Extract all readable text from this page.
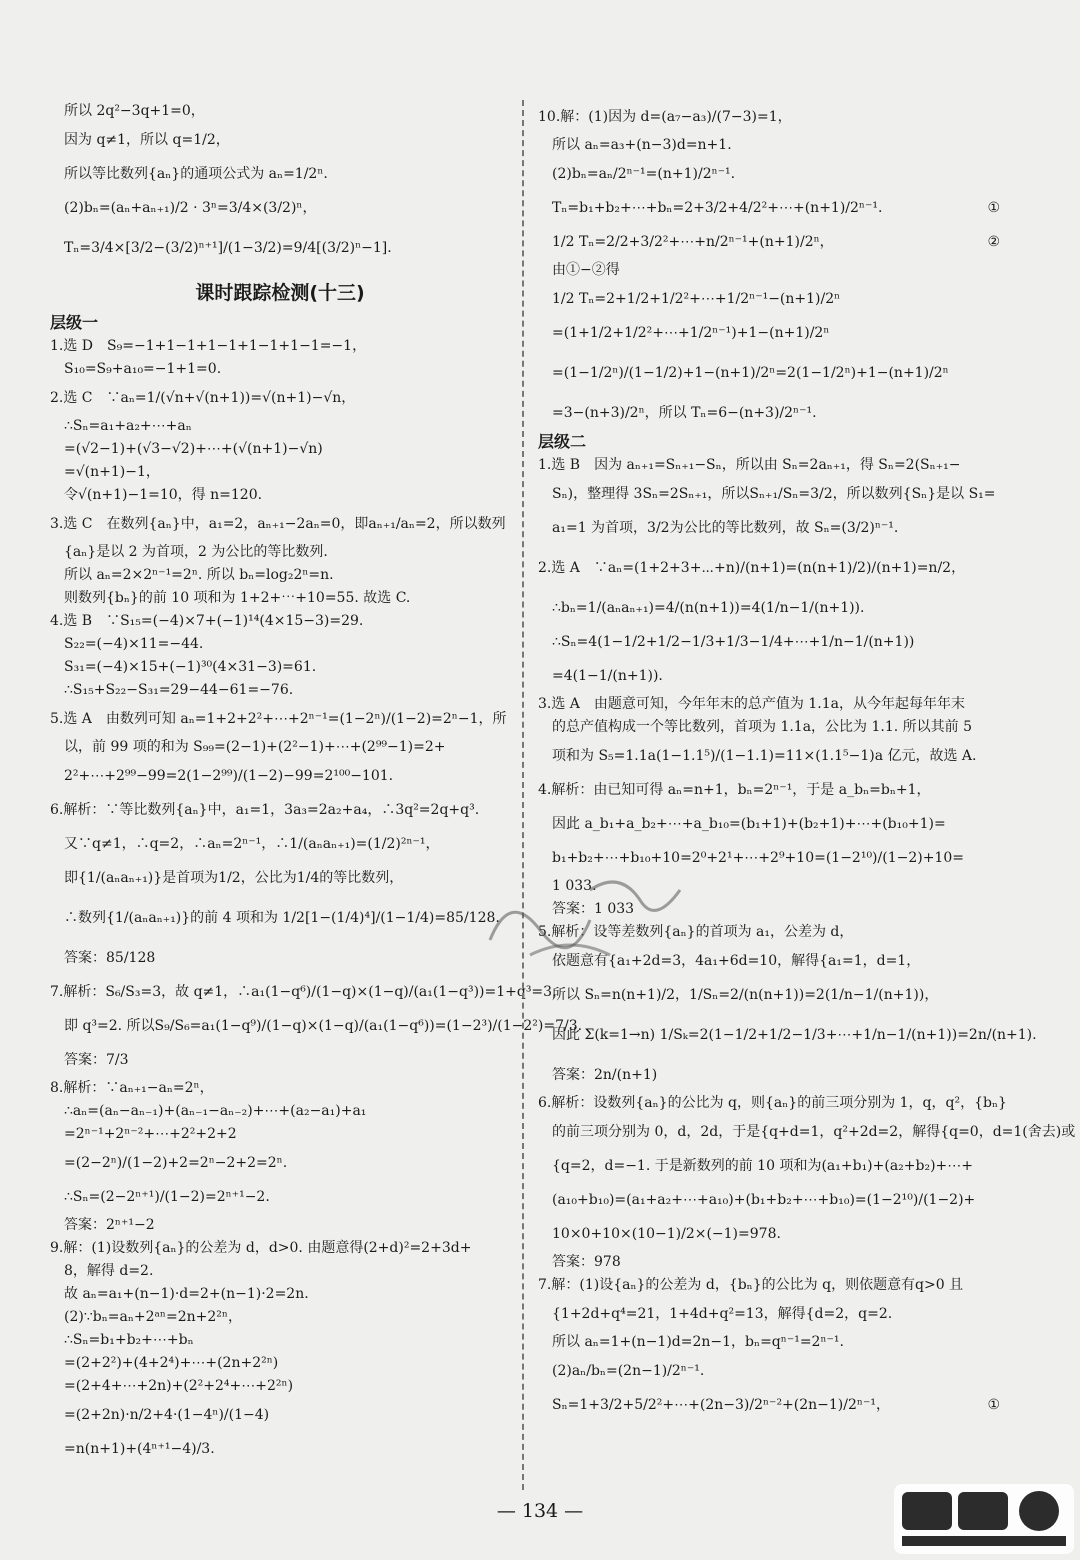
所以 2q²−3q+1=0，
因为 q≠1，所以 q=1/2，
所以等比数列{aₙ}的通项公式为 aₙ=1/2ⁿ.
(2)bₙ=(aₙ+aₙ₊₁)/2 · 3ⁿ=3/4×(3/2)ⁿ，
Tₙ=3/4×[3/2−(3/2)ⁿ⁺¹]/(1−3/2)=9/4[(3/2)ⁿ−1].
课时跟踪检测(十三)
层级一
1.选 D　S₉=−1+1−1+1−1+1−1+1−1=−1，
S₁₀=S₉+a₁₀=−1+1=0.
2.选 C　∵aₙ=1/(√n+√(n+1))=√(n+1)−√n，
∴Sₙ=a₁+a₂+⋯+aₙ
=(√2−1)+(√3−√2)+⋯+(√(n+1)−√n)
=√(n+1)−1，
令√(n+1)−1=10，得 n=120.
3.选 C　在数列{aₙ}中，a₁=2，aₙ₊₁−2aₙ=0，即aₙ₊₁/aₙ=2，所以数列
{aₙ}是以 2 为首项，2 为公比的等比数列.
所以 aₙ=2×2ⁿ⁻¹=2ⁿ. 所以 bₙ=log₂2ⁿ=n.
则数列{bₙ}的前 10 项和为 1+2+⋯+10=55. 故选 C.
4.选 B　∵S₁₅=(−4)×7+(−1)¹⁴(4×15−3)=29.
S₂₂=(−4)×11=−44.
S₃₁=(−4)×15+(−1)³⁰(4×31−3)=61.
∴S₁₅+S₂₂−S₃₁=29−44−61=−76.
5.选 A　由数列可知 aₙ=1+2+2²+⋯+2ⁿ⁻¹=(1−2ⁿ)/(1−2)=2ⁿ−1，所
以，前 99 项的和为 S₉₉=(2−1)+(2²−1)+⋯+(2⁹⁹−1)=2+
2²+⋯+2⁹⁹−99=2(1−2⁹⁹)/(1−2)−99=2¹⁰⁰−101.
6.解析：∵等比数列{aₙ}中，a₁=1，3a₃=2a₂+a₄，∴3q²=2q+q³.
又∵q≠1，∴q=2，∴aₙ=2ⁿ⁻¹，∴1/(aₙaₙ₊₁)=(1/2)²ⁿ⁻¹，
即{1/(aₙaₙ₊₁)}是首项为1/2，公比为1/4的等比数列，
∴数列{1/(aₙaₙ₊₁)}的前 4 项和为 1/2[1−(1/4)⁴]/(1−1/4)=85/128.
答案：85/128
7.解析：S₆/S₃=3，故 q≠1，∴a₁(1−q⁶)/(1−q)×(1−q)/(a₁(1−q³))=1+q³=3，
即 q³=2. 所以S₉/S₆=a₁(1−q⁹)/(1−q)×(1−q)/(a₁(1−q⁶))=(1−2³)/(1−2²)=7/3.
答案：7/3
8.解析：∵aₙ₊₁−aₙ=2ⁿ，
∴aₙ=(aₙ−aₙ₋₁)+(aₙ₋₁−aₙ₋₂)+⋯+(a₂−a₁)+a₁
=2ⁿ⁻¹+2ⁿ⁻²+⋯+2²+2+2
=(2−2ⁿ)/(1−2)+2=2ⁿ−2+2=2ⁿ.
∴Sₙ=(2−2ⁿ⁺¹)/(1−2)=2ⁿ⁺¹−2.
答案：2ⁿ⁺¹−2
9.解：(1)设数列{aₙ}的公差为 d，d>0. 由题意得(2+d)²=2+3d+
8，解得 d=2.
故 aₙ=a₁+(n−1)·d=2+(n−1)·2=2n.
(2)∵bₙ=aₙ+2ᵃⁿ=2n+2²ⁿ，
∴Sₙ=b₁+b₂+⋯+bₙ
=(2+2²)+(4+2⁴)+⋯+(2n+2²ⁿ)
=(2+4+⋯+2n)+(2²+2⁴+⋯+2²ⁿ)
=(2+2n)·n/2+4·(1−4ⁿ)/(1−4)
=n(n+1)+(4ⁿ⁺¹−4)/3.
10.解：(1)因为 d=(a₇−a₃)/(7−3)=1，
所以 aₙ=a₃+(n−3)d=n+1.
(2)bₙ=aₙ/2ⁿ⁻¹=(n+1)/2ⁿ⁻¹.
Tₙ=b₁+b₂+⋯+bₙ=2+3/2+4/2²+⋯+(n+1)/2ⁿ⁻¹.	①
1/2 Tₙ=2/2+3/2²+⋯+n/2ⁿ⁻¹+(n+1)/2ⁿ，	②
由①−②得
1/2 Tₙ=2+1/2+1/2²+⋯+1/2ⁿ⁻¹−(n+1)/2ⁿ
=(1+1/2+1/2²+⋯+1/2ⁿ⁻¹)+1−(n+1)/2ⁿ
=(1−1/2ⁿ)/(1−1/2)+1−(n+1)/2ⁿ=2(1−1/2ⁿ)+1−(n+1)/2ⁿ
=3−(n+3)/2ⁿ，所以 Tₙ=6−(n+3)/2ⁿ⁻¹.
层级二
1.选 B　因为 aₙ₊₁=Sₙ₊₁−Sₙ，所以由 Sₙ=2aₙ₊₁，得 Sₙ=2(Sₙ₊₁−
Sₙ)，整理得 3Sₙ=2Sₙ₊₁，所以Sₙ₊₁/Sₙ=3/2，所以数列{Sₙ}是以 S₁=
a₁=1 为首项，3/2为公比的等比数列，故 Sₙ=(3/2)ⁿ⁻¹.
2.选 A　∵aₙ=(1+2+3+⋯+n)/(n+1)=(n(n+1)/2)/(n+1)=n/2，
∴bₙ=1/(aₙaₙ₊₁)=4/(n(n+1))=4(1/n−1/(n+1)).
∴Sₙ=4(1−1/2+1/2−1/3+1/3−1/4+⋯+1/n−1/(n+1))
=4(1−1/(n+1)).
3.选 A　由题意可知，今年年末的总产值为 1.1a，从今年起每年年末
的总产值构成一个等比数列，首项为 1.1a，公比为 1.1. 所以其前 5
项和为 S₅=1.1a(1−1.1⁵)/(1−1.1)=11×(1.1⁵−1)a 亿元，故选 A.
4.解析：由已知可得 aₙ=n+1，bₙ=2ⁿ⁻¹，于是 a_bₙ=bₙ+1，
因此 a_b₁+a_b₂+⋯+a_b₁₀=(b₁+1)+(b₂+1)+⋯+(b₁₀+1)=
b₁+b₂+⋯+b₁₀+10=2⁰+2¹+⋯+2⁹+10=(1−2¹⁰)/(1−2)+10=
1 033.
答案：1 033
5.解析：设等差数列{aₙ}的首项为 a₁，公差为 d，
依题意有{a₁+2d=3，4a₁+6d=10，解得{a₁=1，d=1，
所以 Sₙ=n(n+1)/2，1/Sₙ=2/(n(n+1))=2(1/n−1/(n+1))，
因此 Σ(k=1→n) 1/Sₖ=2(1−1/2+1/2−1/3+⋯+1/n−1/(n+1))=2n/(n+1).
答案：2n/(n+1)
6.解析：设数列{aₙ}的公比为 q，则{aₙ}的前三项分别为 1，q，q²，{bₙ}
的前三项分别为 0，d，2d，于是{q+d=1，q²+2d=2，解得{q=0，d=1(舍去)或
{q=2，d=−1. 于是新数列的前 10 项和为(a₁+b₁)+(a₂+b₂)+⋯+
(a₁₀+b₁₀)=(a₁+a₂+⋯+a₁₀)+(b₁+b₂+⋯+b₁₀)=(1−2¹⁰)/(1−2)+
10×0+10×(10−1)/2×(−1)=978.
答案：978
7.解：(1)设{aₙ}的公差为 d，{bₙ}的公比为 q，则依题意有q>0 且
{1+2d+q⁴=21，1+4d+q²=13，解得{d=2，q=2.
所以 aₙ=1+(n−1)d=2n−1，bₙ=qⁿ⁻¹=2ⁿ⁻¹.
(2)aₙ/bₙ=(2n−1)/2ⁿ⁻¹.
Sₙ=1+3/2+5/2²+⋯+(2n−3)/2ⁿ⁻²+(2n−1)/2ⁿ⁻¹，	①
— 134 —
